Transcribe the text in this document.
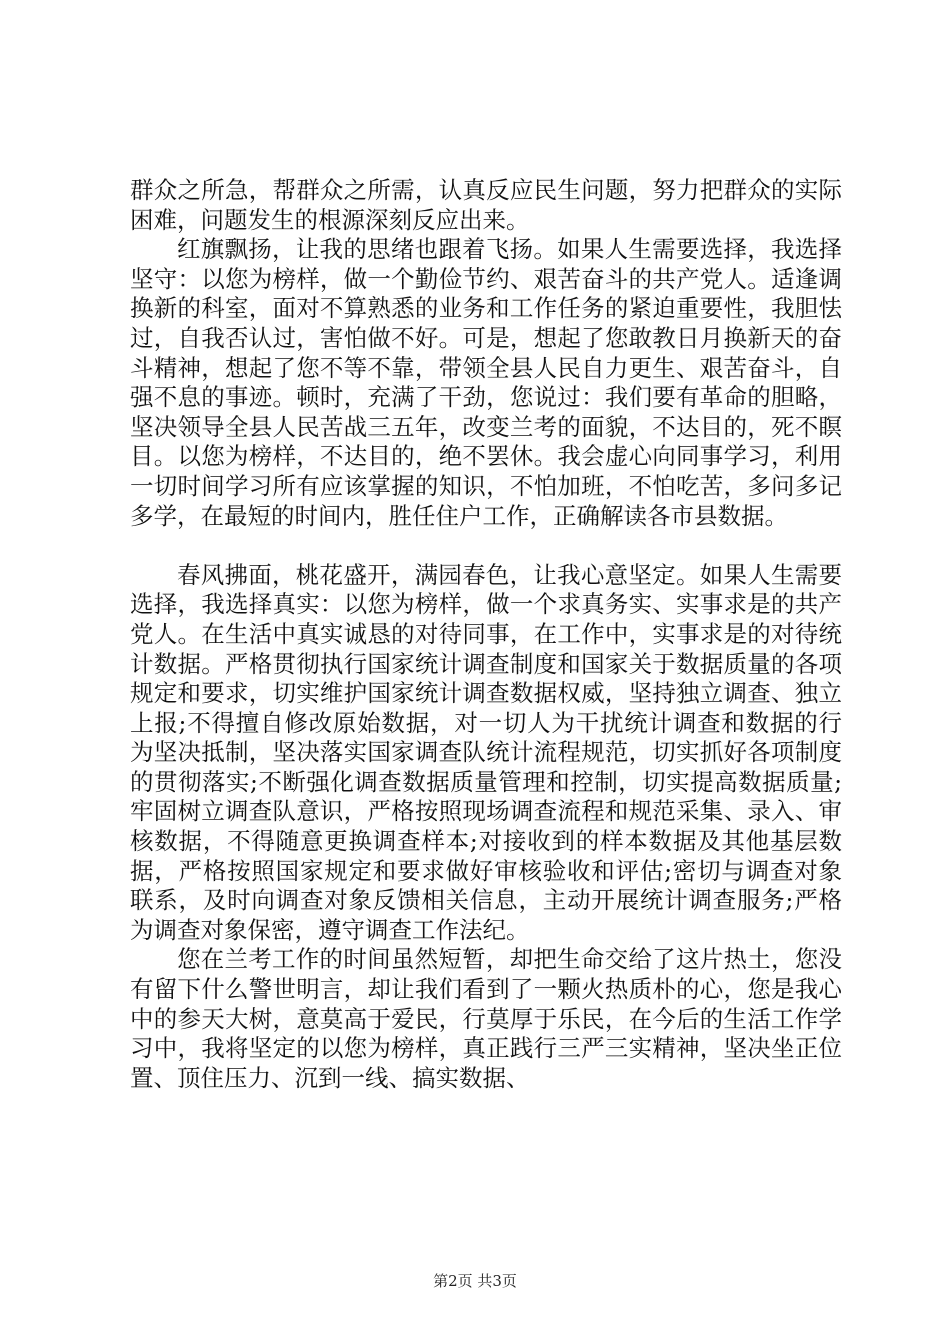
群众之所急，帮群众之所需，认真反应民生问题，努力把群众的实际困难，问题发生的根源深刻反应出来。

红旗飘扬，让我的思绪也跟着飞扬。如果人生需要选择，我选择坚守：以您为榜样，做一个勤俭节约、艰苦奋斗的共产党人。适逢调换新的科室，面对不算熟悉的业务和工作任务的紧迫重要性，我胆怯过，自我否认过，害怕做不好。可是，想起了您敢教日月换新天的奋斗精神，想起了您不等不靠，带领全县人民自力更生、艰苦奋斗，自强不息的事迹。顿时，充满了干劲，您说过：我们要有革命的胆略，坚决领导全县人民苦战三五年，改变兰考的面貌，不达目的，死不瞑目。以您为榜样，不达目的，绝不罢休。我会虚心向同事学习，利用一切时间学习所有应该掌握的知识，不怕加班，不怕吃苦，多问多记多学，在最短的时间内，胜任住户工作，正确解读各市县数据。

春风拂面，桃花盛开，满园春色，让我心意坚定。如果人生需要选择，我选择真实：以您为榜样，做一个求真务实、实事求是的共产党人。在生活中真实诚恳的对待同事，在工作中，实事求是的对待统计数据。严格贯彻执行国家统计调查制度和国家关于数据质量的各项规定和要求，切实维护国家统计调查数据权威，坚持独立调查、独立上报;不得擅自修改原始数据，对一切人为干扰统计调查和数据的行为坚决抵制，坚决落实国家调查队统计流程规范，切实抓好各项制度的贯彻落实;不断强化调查数据质量管理和控制，切实提高数据质量;牢固树立调查队意识，严格按照现场调查流程和规范采集、录入、审核数据，不得随意更换调查样本;对接收到的样本数据及其他基层数据，严格按照国家规定和要求做好审核验收和评估;密切与调查对象联系，及时向调查对象反馈相关信息，主动开展统计调查服务;严格为调查对象保密，遵守调查工作法纪。

您在兰考工作的时间虽然短暂，却把生命交给了这片热土，您没有留下什么警世明言，却让我们看到了一颗火热质朴的心，您是我心中的参天大树，意莫高于爱民，行莫厚于乐民，在今后的生活工作学习中，我将坚定的以您为榜样，真正践行三严三实精神，坚决坐正位置、顶住压力、沉到一线、搞实数据、

第2页 共3页
